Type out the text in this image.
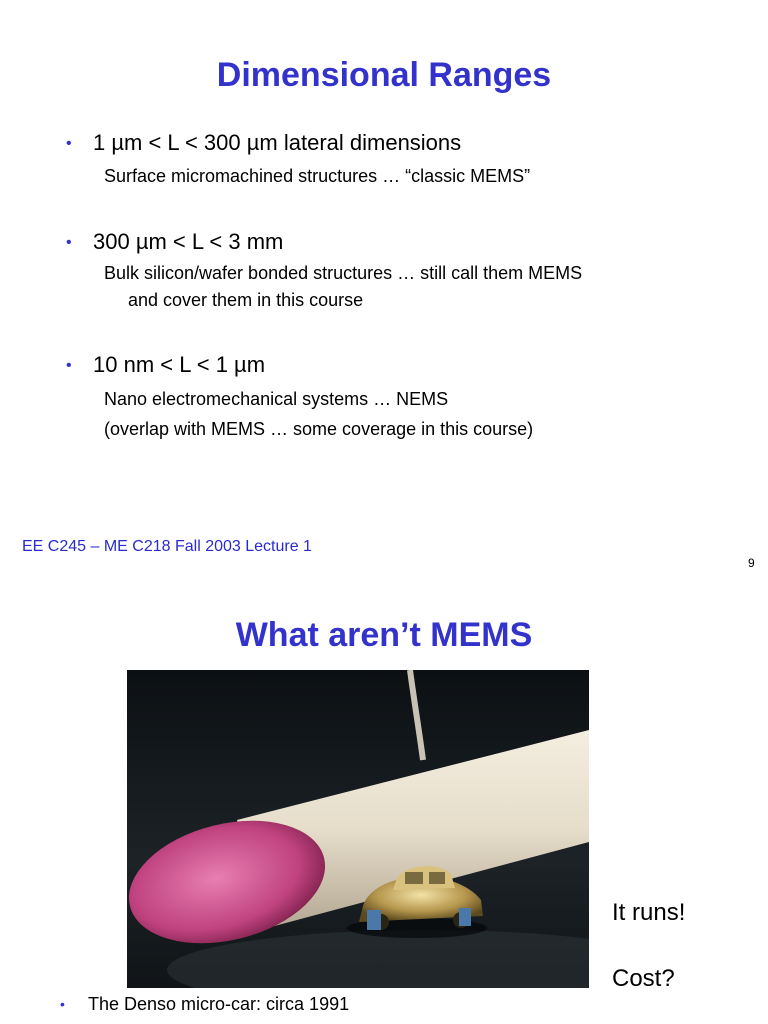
Dimensional Ranges
• 1 µm < L < 300 µm lateral dimensions
Surface micromachined structures … “classic MEMS”
• 300 µm < L < 3 mm
Bulk silicon/wafer bonded structures … still call them MEMS
and cover them in this course
• 10 nm < L < 1 µm
Nano electromechanical systems … NEMS
(overlap with MEMS … some coverage in this course)
EE C245 – ME C218 Fall 2003 Lecture 1
9
What aren’t MEMS
It runs!
Cost?
• The Denso micro-car: circa 1991
